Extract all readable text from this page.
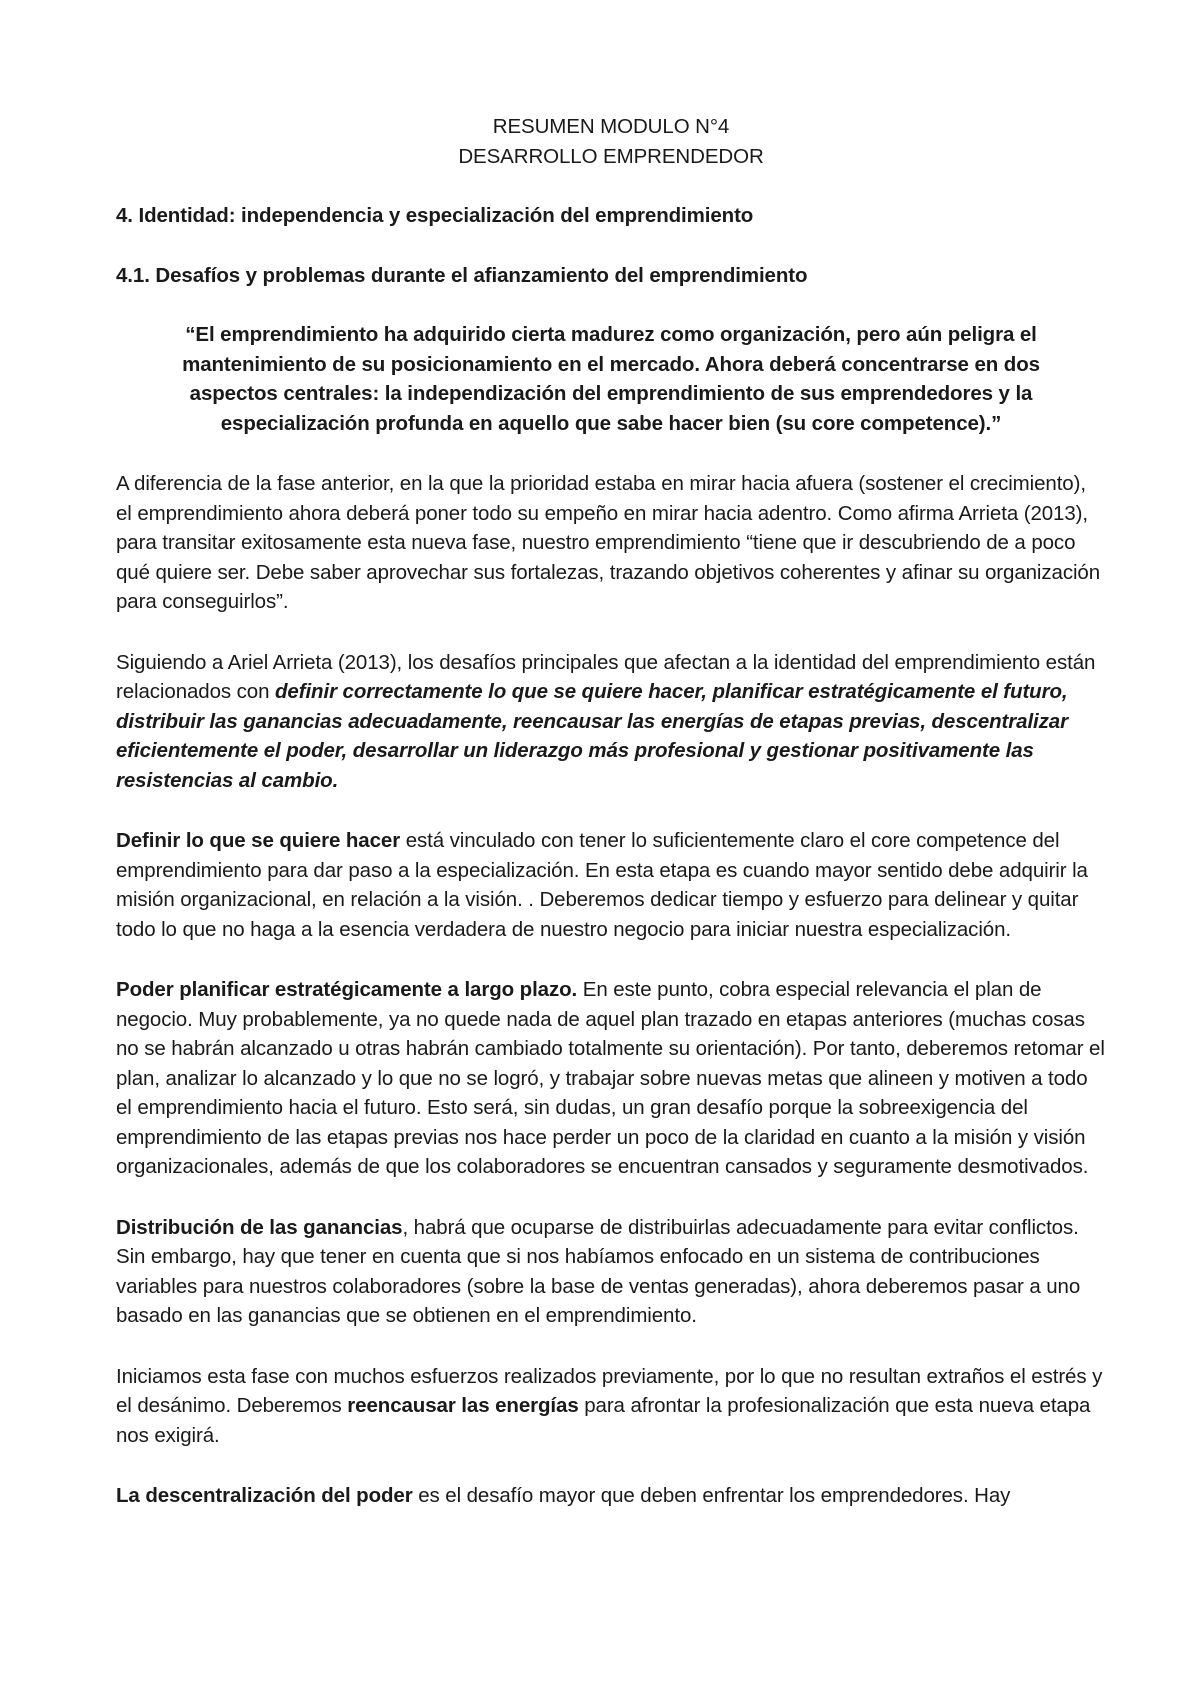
RESUMEN MODULO N°4
DESARROLLO EMPRENDEDOR

4. Identidad: independencia y especialización del emprendimiento

4.1. Desafíos y problemas durante el afianzamiento del emprendimiento

“El emprendimiento ha adquirido cierta madurez como organización, pero aún peligra el mantenimiento de su posicionamiento en el mercado. Ahora deberá concentrarse en dos aspectos centrales: la independización del emprendimiento de sus emprendedores y la especialización profunda en aquello que sabe hacer bien (su core competence).”

A diferencia de la fase anterior, en la que la prioridad estaba en mirar hacia afuera (sostener el crecimiento), el emprendimiento ahora deberá poner todo su empeño en mirar hacia adentro. Como afirma Arrieta (2013), para transitar exitosamente esta nueva fase, nuestro emprendimiento “tiene que ir descubriendo de a poco qué quiere ser. Debe saber aprovechar sus fortalezas, trazando objetivos coherentes y afinar su organización para conseguirlos”.

Siguiendo a Ariel Arrieta (2013), los desafíos principales que afectan a la identidad del emprendimiento están relacionados con definir correctamente lo que se quiere hacer, planificar estratégicamente el futuro, distribuir las ganancias adecuadamente, reencausar las energías de etapas previas, descentralizar eficientemente el poder, desarrollar un liderazgo más profesional y gestionar positivamente las resistencias al cambio.

Definir lo que se quiere hacer está vinculado con tener lo suficientemente claro el core competence del emprendimiento para dar paso a la especialización. En esta etapa es cuando mayor sentido debe adquirir la misión organizacional, en relación a la visión. . Deberemos dedicar tiempo y esfuerzo para delinear y quitar todo lo que no haga a la esencia verdadera de nuestro negocio para iniciar nuestra especialización.

Poder planificar estratégicamente a largo plazo. En este punto, cobra especial relevancia el plan de negocio. Muy probablemente, ya no quede nada de aquel plan trazado en etapas anteriores (muchas cosas no se habrán alcanzado u otras habrán cambiado totalmente su orientación). Por tanto, deberemos retomar el plan, analizar lo alcanzado y lo que no se logró, y trabajar sobre nuevas metas que alineen y motiven a todo el emprendimiento hacia el futuro. Esto será, sin dudas, un gran desafío porque la sobreexigencia del emprendimiento de las etapas previas nos hace perder un poco de la claridad en cuanto a la misión y visión organizacionales, además de que los colaboradores se encuentran cansados y seguramente desmotivados.

Distribución de las ganancias, habrá que ocuparse de distribuirlas adecuadamente para evitar conflictos. Sin embargo, hay que tener en cuenta que si nos habíamos enfocado en un sistema de contribuciones variables para nuestros colaboradores (sobre la base de ventas generadas), ahora deberemos pasar a uno basado en las ganancias que se obtienen en el emprendimiento.

Iniciamos esta fase con muchos esfuerzos realizados previamente, por lo que no resultan extraños el estrés y el desánimo. Deberemos reencausar las energías para afrontar la profesionalización que esta nueva etapa nos exigirá.

La descentralización del poder es el desafío mayor que deben enfrentar los emprendedores. Hay
